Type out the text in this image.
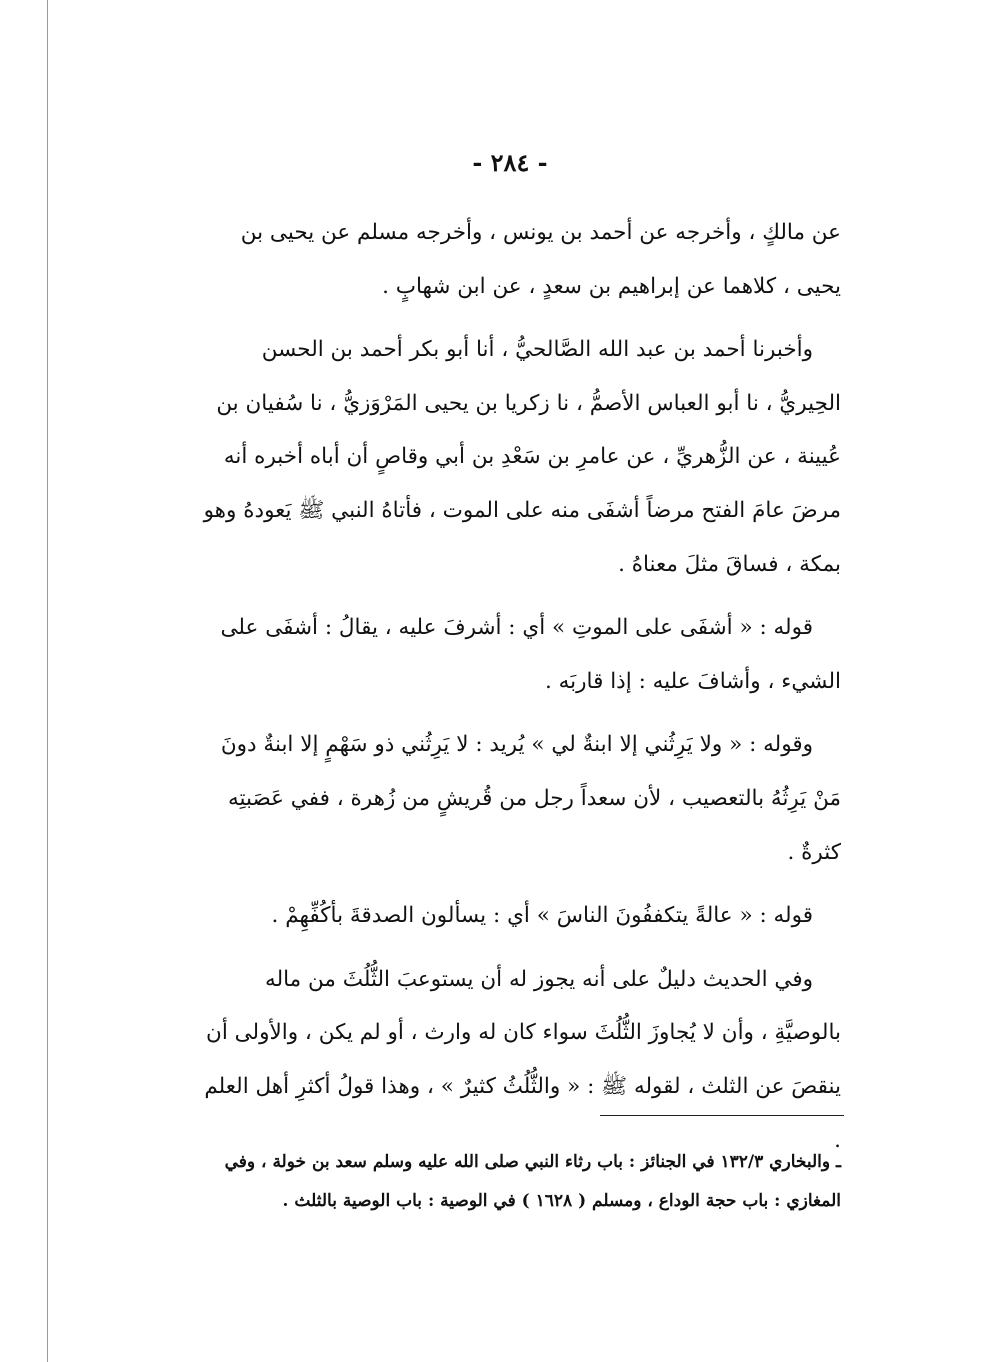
- ٢٨٤ -

عن مالكٍ ، وأخرجه عن أحمد بن يونس ، وأخرجه مسلم عن يحيى بن يحيى ، كلاهما عن إبراهيم بن سعدٍ ، عن ابن شهابٍ .

وأخبرنا أحمد بن عبد الله الصَّالحيُّ ، أنا أبو بكر أحمد بن الحسن الحِيريُّ ، نا أبو العباس الأصمُّ ، نا زكريا بن يحيى المَرْوَزيُّ ، نا سُفيان بن عُيينة ، عن الزُّهريِّ ، عن عامرِ بن سَعْدِ بن أبي وقاصٍ أن أباه أخبره أنه مرضَ عامَ الفتح مرضاً أشفَى منه على الموت ، فأتاهُ النبي ﷺ يَعودهُ وهو بمكة ، فساقَ مثلَ معناهُ .

قوله : « أشفَى على الموتِ » أي : أشرفَ عليه ، يقالُ : أشفَى على الشيء ، وأشافَ عليه : إذا قاربَه .

وقوله : « ولا يَرِثُني إلا ابنةٌ لي » يُريد : لا يَرِثُني ذو سَهْمٍ إلا ابنةٌ دونَ مَنْ يَرِثُهُ بالتعصيب ، لأن سعداً رجل من قُريشٍ من زُهرة ، ففي عَصَبتِه كثرةٌ .

قوله : « عالةً يتكففُونَ الناسَ » أي : يسألون الصدقةَ بأكُفِّهِمْ .

وفي الحديث دليلٌ على أنه يجوز له أن يستوعبَ الثُّلُثَ من ماله بالوصيَّةِ ، وأن لا يُجاوزَ الثُّلُثَ سواء كان له وارث ، أو لم يكن ، والأولى أن ينقصَ عن الثلث ، لقوله ﷺ : « والثُّلُثُ كثيرٌ » ، وهذا قولُ أكثرِ أهل العلم .

ـ والبخاري ١٣٢/٣ في الجنائز : باب رثاء النبي صلى الله عليه وسلم سعد بن خولة ، وفي المغازي : باب حجة الوداع ، ومسلم ( ١٦٢٨ ) في الوصية : باب الوصية بالثلث .
